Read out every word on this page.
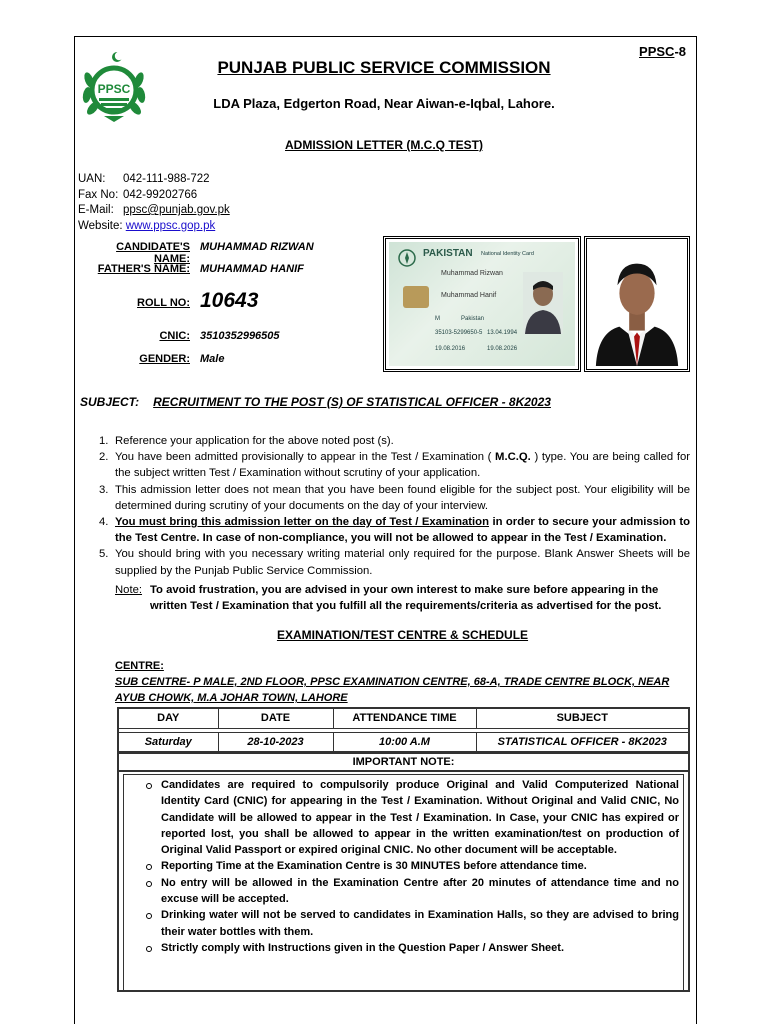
PPSC
PPSC-8
PUNJAB PUBLIC SERVICE COMMISSION
LDA Plaza, Edgerton Road, Near Aiwan-e-Iqbal, Lahore.
ADMISSION LETTER (M.C.Q TEST)
UAN: 042-111-988-722
Fax No: 042-99202766
E-Mail: ppsc@punjab.gov.pk
Website: www.ppsc.gop.pk
CANDIDATE'S NAME:
MUHAMMAD RIZWAN
FATHER'S NAME: MUHAMMAD HANIF
ROLL NO: 10643
CNIC: 3510352996505
GENDER: Male
PAKISTAN National Identity Card
Muhammad Rizwan
Muhammad Hanif
M	Pakistan
35103-5299650-5 13.04.1994
19.08.2016	19.08.2026
SUBJECT: RECRUITMENT TO THE POST (S) OF STATISTICAL OFFICER - 8K2023
1. Reference your application for the above noted post (s).
2. You have been admitted provisionally to appear in the Test / Examination ( M.C.Q. ) type. You are being called for the subject written Test / Examination without scrutiny of your application.
3. This admission letter does not mean that you have been found eligible for the subject post. Your eligibility will be determined during scrutiny of your documents on the day of your interview.
4. You must bring this admission letter on the day of Test / Examination in order to secure your admission to the Test Centre. In case of non-compliance, you will not be allowed to appear in the Test / Examination.
5. You should bring with you necessary writing material only required for the purpose. Blank Answer Sheets will be supplied by the Punjab Public Service Commission.
Note: To avoid frustration, you are advised in your own interest to make sure before appearing in the written Test / Examination that you fulfill all the requirements/criteria as advertised for the post.
EXAMINATION/TEST CENTRE & SCHEDULE
CENTRE:
SUB CENTRE- P MALE, 2ND FLOOR, PPSC EXAMINATION CENTRE, 68-A, TRADE CENTRE BLOCK, NEAR AYUB CHOWK, M.A JOHAR TOWN, LAHORE
DAY	DATE	ATTENDANCE TIME	SUBJECT

Saturday	28-10-2023	10:00 A.M	STATISTICAL OFFICER - 8K2023
IMPORTANT NOTE:
Candidates are required to compulsorily produce Original and Valid Computerized National Identity Card (CNIC) for appearing in the Test / Examination. Without Original and Valid CNIC, No Candidate will be allowed to appear in the Test / Examination. In Case, your CNIC has expired or reported lost, you shall be allowed to appear in the written examination/test on production of Original Valid Passport or expired original CNIC. No other document will be acceptable.
Reporting Time at the Examination Centre is 30 MINUTES before attendance time.
No entry will be allowed in the Examination Centre after 20 minutes of attendance time and no excuse will be accepted.
Drinking water will not be served to candidates in Examination Halls, so they are advised to bring their water bottles with them.
Strictly comply with Instructions given in the Question Paper / Answer Sheet.
